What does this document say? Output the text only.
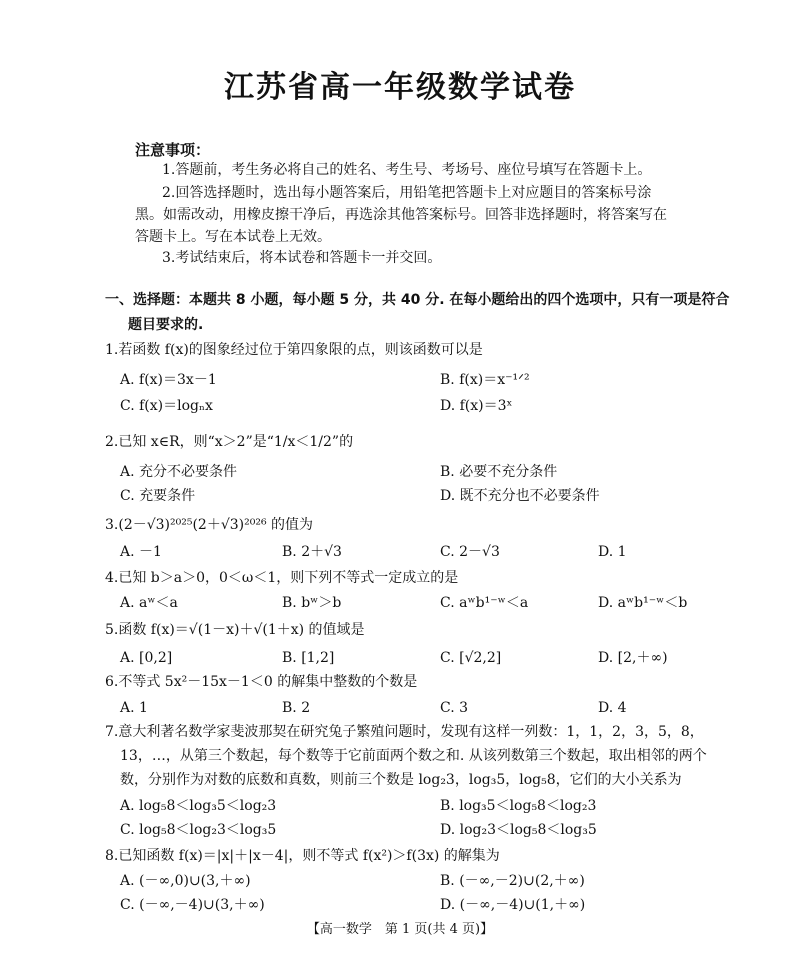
江苏省高一年级数学试卷
注意事项：
1.答题前，考生务必将自己的姓名、考生号、考场号、座位号填写在答题卡上。
2.回答选择题时，选出每小题答案后，用铅笔把答题卡上对应题目的答案标号涂
黑。如需改动，用橡皮擦干净后，再选涂其他答案标号。回答非选择题时，将答案写在
答题卡上。写在本试卷上无效。
3.考试结束后，将本试卷和答题卡一并交回。
一、选择题：本题共 8 小题，每小题 5 分，共 40 分. 在每小题给出的四个选项中，只有一项是符合
题目要求的.
1.若函数 f(x)的图象经过位于第四象限的点，则该函数可以是
A. f(x)＝3x－1	B. f(x)＝x⁻¹ᐟ²
C. f(x)＝logₙx	D. f(x)＝3ˣ
2.已知 x∈R，则“x＞2”是“1/x＜1/2”的
A. 充分不必要条件	B. 必要不充分条件
C. 充要条件	D. 既不充分也不必要条件
3.(2－√3)²⁰²⁵(2＋√3)²⁰²⁶ 的值为
A. －1	B. 2＋√3	C. 2－√3	D. 1
4.已知 b＞a＞0，0＜ω＜1，则下列不等式一定成立的是
A. aʷ＜a	B. bʷ＞b	C. aʷb¹⁻ʷ＜a	D. aʷb¹⁻ʷ＜b
5.函数 f(x)＝√(1－x)＋√(1＋x) 的值域是
A. [0,2]	B. [1,2]	C. [√2,2]	D. [2,＋∞)
6.不等式 5x²－15x－1＜0 的解集中整数的个数是
A. 1	B. 2	C. 3	D. 4
7.意大利著名数学家斐波那契在研究兔子繁殖问题时，发现有这样一列数：1，1，2，3，5，8，
13，…，从第三个数起，每个数等于它前面两个数之和. 从该列数第三个数起，取出相邻的两个
数，分别作为对数的底数和真数，则前三个数是 log₂3，log₃5，log₅8，它们的大小关系为
A. log₅8＜log₃5＜log₂3	B. log₃5＜log₅8＜log₂3
C. log₅8＜log₂3＜log₃5	D. log₂3＜log₅8＜log₃5
8.已知函数 f(x)＝|x|＋|x－4|，则不等式 f(x²)＞f(3x) 的解集为
A. (－∞,0)∪(3,＋∞)	B. (－∞,－2)∪(2,＋∞)
C. (－∞,－4)∪(3,＋∞)	D. (－∞,－4)∪(1,＋∞)
【高一数学　第 1 页(共 4 页)】
